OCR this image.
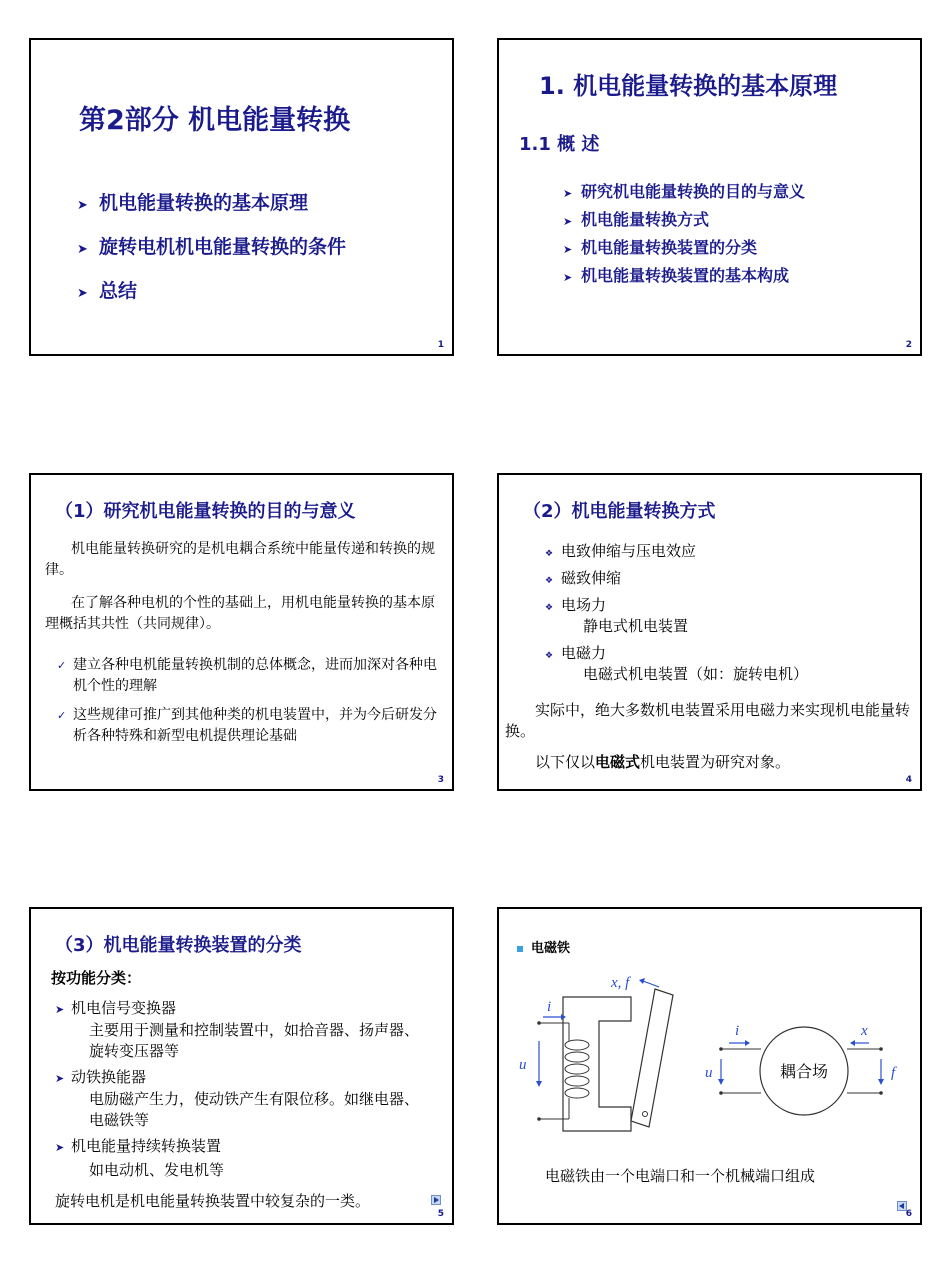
第2部分 机电能量转换
➤ 机电能量转换的基本原理
➤ 旋转电机机电能量转换的条件
➤ 总结
1
1. 机电能量转换的基本原理
1.1 概 述
➤ 研究机电能量转换的目的与意义
➤ 机电能量转换方式
➤ 机电能量转换装置的分类
➤ 机电能量转换装置的基本构成
2
（1）研究机电能量转换的目的与意义
机电能量转换研究的是机电耦合系统中能量传递和转换的规律。
在了解各种电机的个性的基础上，用机电能量转换的基本原理概括其共性（共同规律）。
✓ 建立各种电机能量转换机制的总体概念，进而加深对各种电机个性的理解
✓ 这些规律可推广到其他种类的机电装置中，并为今后研发分析各种特殊和新型电机提供理论基础
3
（2）机电能量转换方式
❖ 电致伸缩与压电效应
❖ 磁致伸缩
❖ 电场力
静电式机电装置
❖ 电磁力
电磁式机电装置（如：旋转电机）
实际中，绝大多数机电装置采用电磁力来实现机电能量转换。
以下仅以电磁式机电装置为研究对象。
4
（3）机电能量转换装置的分类
按功能分类：
➤ 机电信号变换器
主要用于测量和控制装置中，如拾音器、扬声器、旋转变压器等
➤ 动铁换能器
电励磁产生力，使动铁产生有限位移。如继电器、电磁铁等
➤ 机电能量持续转换装置
如电动机、发电机等
旋转电机是机电能量转换装置中较复杂的一类。
5
电磁铁
x, f
i
u
i
u
x
f
耦合场
电磁铁由一个电端口和一个机械端口组成
6
